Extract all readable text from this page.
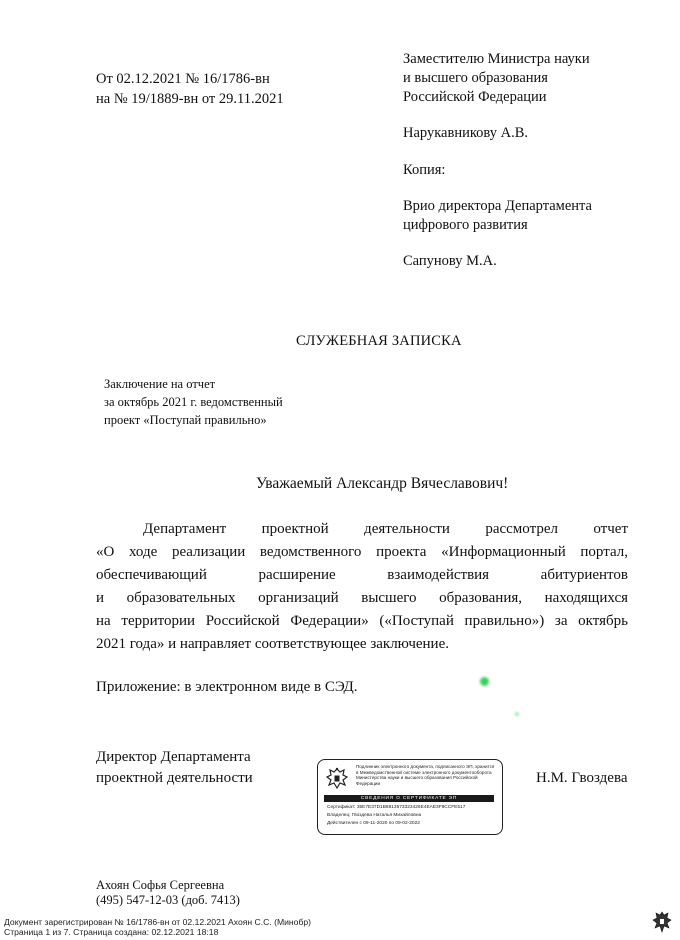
От 02.12.2021 № 16/1786-вн
на № 19/1889-вн от 29.11.2021
Заместителю Министра науки
и высшего образования
Российской Федерации
Нарукавникову А.В.
Копия:
Врио директора Департамента
цифрового развития
Сапунову М.А.
СЛУЖЕБНАЯ ЗАПИСКА
Заключение на отчет
за октябрь 2021 г. ведомственный
проект «Поступай правильно»
Уважаемый Александр Вячеславович!
Департамент проектной деятельности рассмотрел отчет
«О ходе реализации ведомственного проекта «Информационный портал,
обеспечивающий расширение взаимодействия абитуриентов
и образовательных организаций высшего образования, находящихся
на территории Российской Федерации» («Поступай правильно») за октябрь
2021 года» и направляет соответствующее заключение.
Приложение: в электронном виде в СЭД.
Директор Департамента
проектной деятельности	Н.М. Гвоздева
Подлинник электронного документа, подписанного ЭП, хранится в Межведомственной системе электронного документооборота Министерства науки и высшего образования Российской Федерации
СВЕДЕНИЯ О СЕРТИФИКАТЕ ЭП
Сертификат: 35E7E37D1B6813573323426E4EAE3F9CCFE517
Владелец: Гвоздева Наталья Михайловна
Действителен с 09-11-2020 по 09-02-2022
Ахоян Софья Сергеевна
(495) 547-12-03 (доб. 7413)
Документ зарегистрирован № 16/1786-вн от 02.12.2021 Ахоян С.С. (Минобр)
Страница 1 из 7. Страница создана: 02.12.2021 18:18
